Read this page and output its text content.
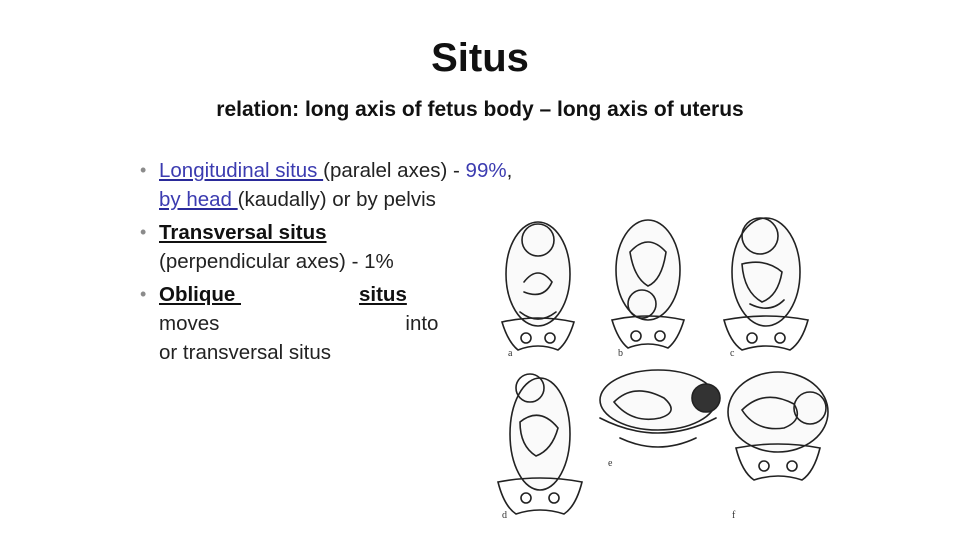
Situs
relation: long axis of fetus body – long axis of uterus
• Longitudinal situs (paralel axes) - 99%,
by head (kaudally) or by pelvis
• Transversal situs
(perpendicular axes) - 1%
• Oblique	situs
moves	into
or transversal situs	a	b	c
d
e
f
